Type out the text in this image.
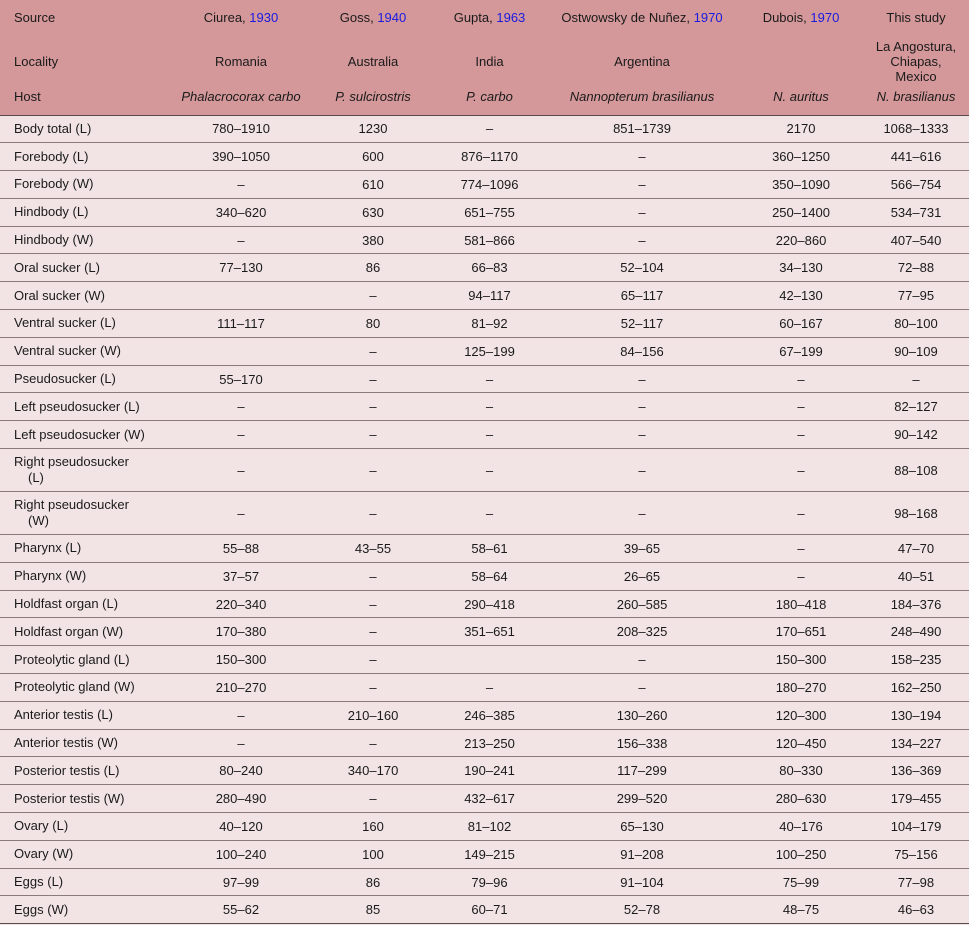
Source	Ciurea, 1930	Goss, 1940	Gupta, 1963	Ostwowsky de Nuñez, 1970	Dubois, 1970	This study
Locality	Romania	Australia	India	Argentina		La Angostura, Chiapas, Mexico
Host	Phalacrocorax carbo	P. sulcirostris	P. carbo	Nannopterum brasilianus	N. auritus	N. brasilianus

Body total (L)	780–1910	1230	–	851–1739	2170	1068–1333
Forebody (L)	390–1050	600	876–1170	–	360–1250	441–616
Forebody (W)	–	610	774–1096	–	350–1090	566–754
Hindbody (L)	340–620	630	651–755	–	250–1400	534–731
Hindbody (W)	–	380	581–866	–	220–860	407–540
Oral sucker (L)	77–130	86	66–83	52–104	34–130	72–88
Oral sucker (W)		–	94–117	65–117	42–130	77–95
Ventral sucker (L)	111–117	80	81–92	52–117	60–167	80–100
Ventral sucker (W)		–	125–199	84–156	67–199	90–109
Pseudosucker (L)	55–170	–	–	–	–	–
Left pseudosucker (L)	–	–	–	–	–	82–127
Left pseudosucker (W)	–	–	–	–	–	90–142
Right pseudosucker
(L)	–	–	–	–	–	88–108
Right pseudosucker
(W)	–	–	–	–	–	98–168
Pharynx (L)	55–88	43–55	58–61	39–65	–	47–70
Pharynx (W)	37–57	–	58–64	26–65	–	40–51
Holdfast organ (L)	220–340	–	290–418	260–585	180–418	184–376
Holdfast organ (W)	170–380	–	351–651	208–325	170–651	248–490
Proteolytic gland (L)	150–300	–		–	150–300	158–235
Proteolytic gland (W)	210–270	–	–	–	180–270	162–250
Anterior testis (L)	–	210–160	246–385	130–260	120–300	130–194
Anterior testis (W)	–	–	213–250	156–338	120–450	134–227
Posterior testis (L)	80–240	340–170	190–241	117–299	80–330	136–369
Posterior testis (W)	280–490	–	432–617	299–520	280–630	179–455
Ovary (L)	40–120	160	81–102	65–130	40–176	104–179
Ovary (W)	100–240	100	149–215	91–208	100–250	75–156
Eggs (L)	97–99	86	79–96	91–104	75–99	77–98
Eggs (W)	55–62	85	60–71	52–78	48–75	46–63
